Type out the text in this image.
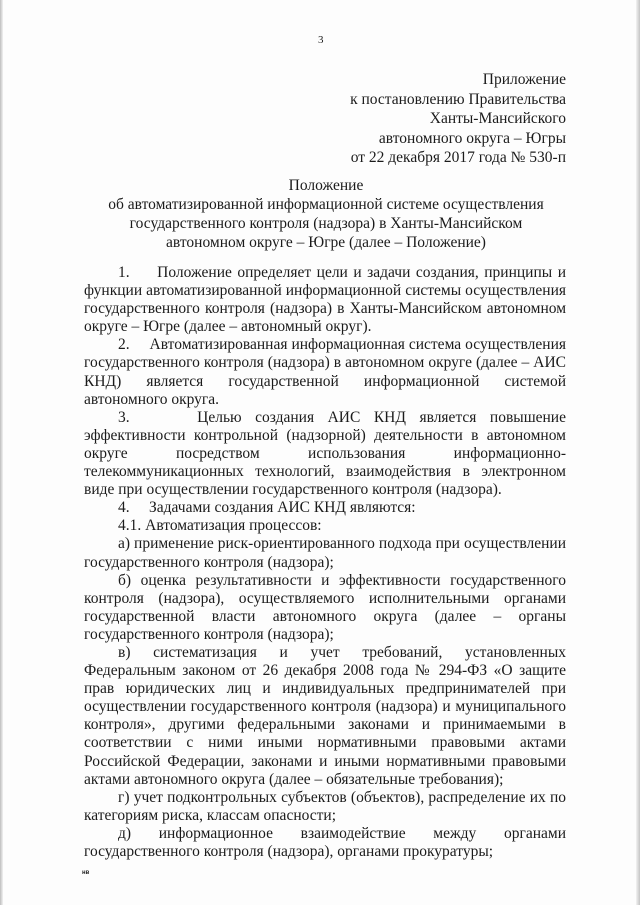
3
Приложение
к постановлению Правительства
Ханты-Мансийского
автономного округа – Югры
от 22 декабря 2017 года № 530-п
Положение
об автоматизированной информационной системе осуществления
государственного контроля (надзора) в Ханты-Мансийском
автономном округе – Югре (далее – Положение)

1.     Положение определяет цели и задачи создания, принципы и функции автоматизированной информационной системы осуществления государственного контроля (надзора) в Ханты-Мансийском автономном округе – Югре (далее – автономный округ).

2.     Автоматизированная информационная система осуществления государственного контроля (надзора) в автономном округе (далее – АИС КНД) является государственной информационной системой автономного округа.

3.     Целью создания АИС КНД является повышение эффективности контрольной (надзорной) деятельности в автономном округе посредством использования информационно-телекоммуникационных технологий, взаимодействия в электронном виде при осуществлении государственного контроля (надзора).

4.     Задачами создания АИС КНД являются:

4.1. Автоматизация процессов:

а) применение риск-ориентированного подхода при осуществлении государственного контроля (надзора);

б) оценка результативности и эффективности государственного контроля (надзора), осуществляемого исполнительными органами государственной власти автономного округа (далее – органы государственного контроля (надзора);

в) систематизация и учет требований, установленных Федеральным законом от 26 декабря 2008 года № 294-ФЗ «О защите прав юридических лиц и индивидуальных предпринимателей при осуществлении государственного контроля (надзора) и муниципального контроля», другими федеральными законами и принимаемыми в соответствии с ними иными нормативными правовыми актами Российской Федерации, законами и иными нормативными правовыми актами автономного округа (далее – обязательные требования);

г) учет подконтрольных субъектов (объектов), распределение их по категориям риска, классам опасности;

д) информационное взаимодействие между органами государственного контроля (надзора), органами прокуратуры;

нв
